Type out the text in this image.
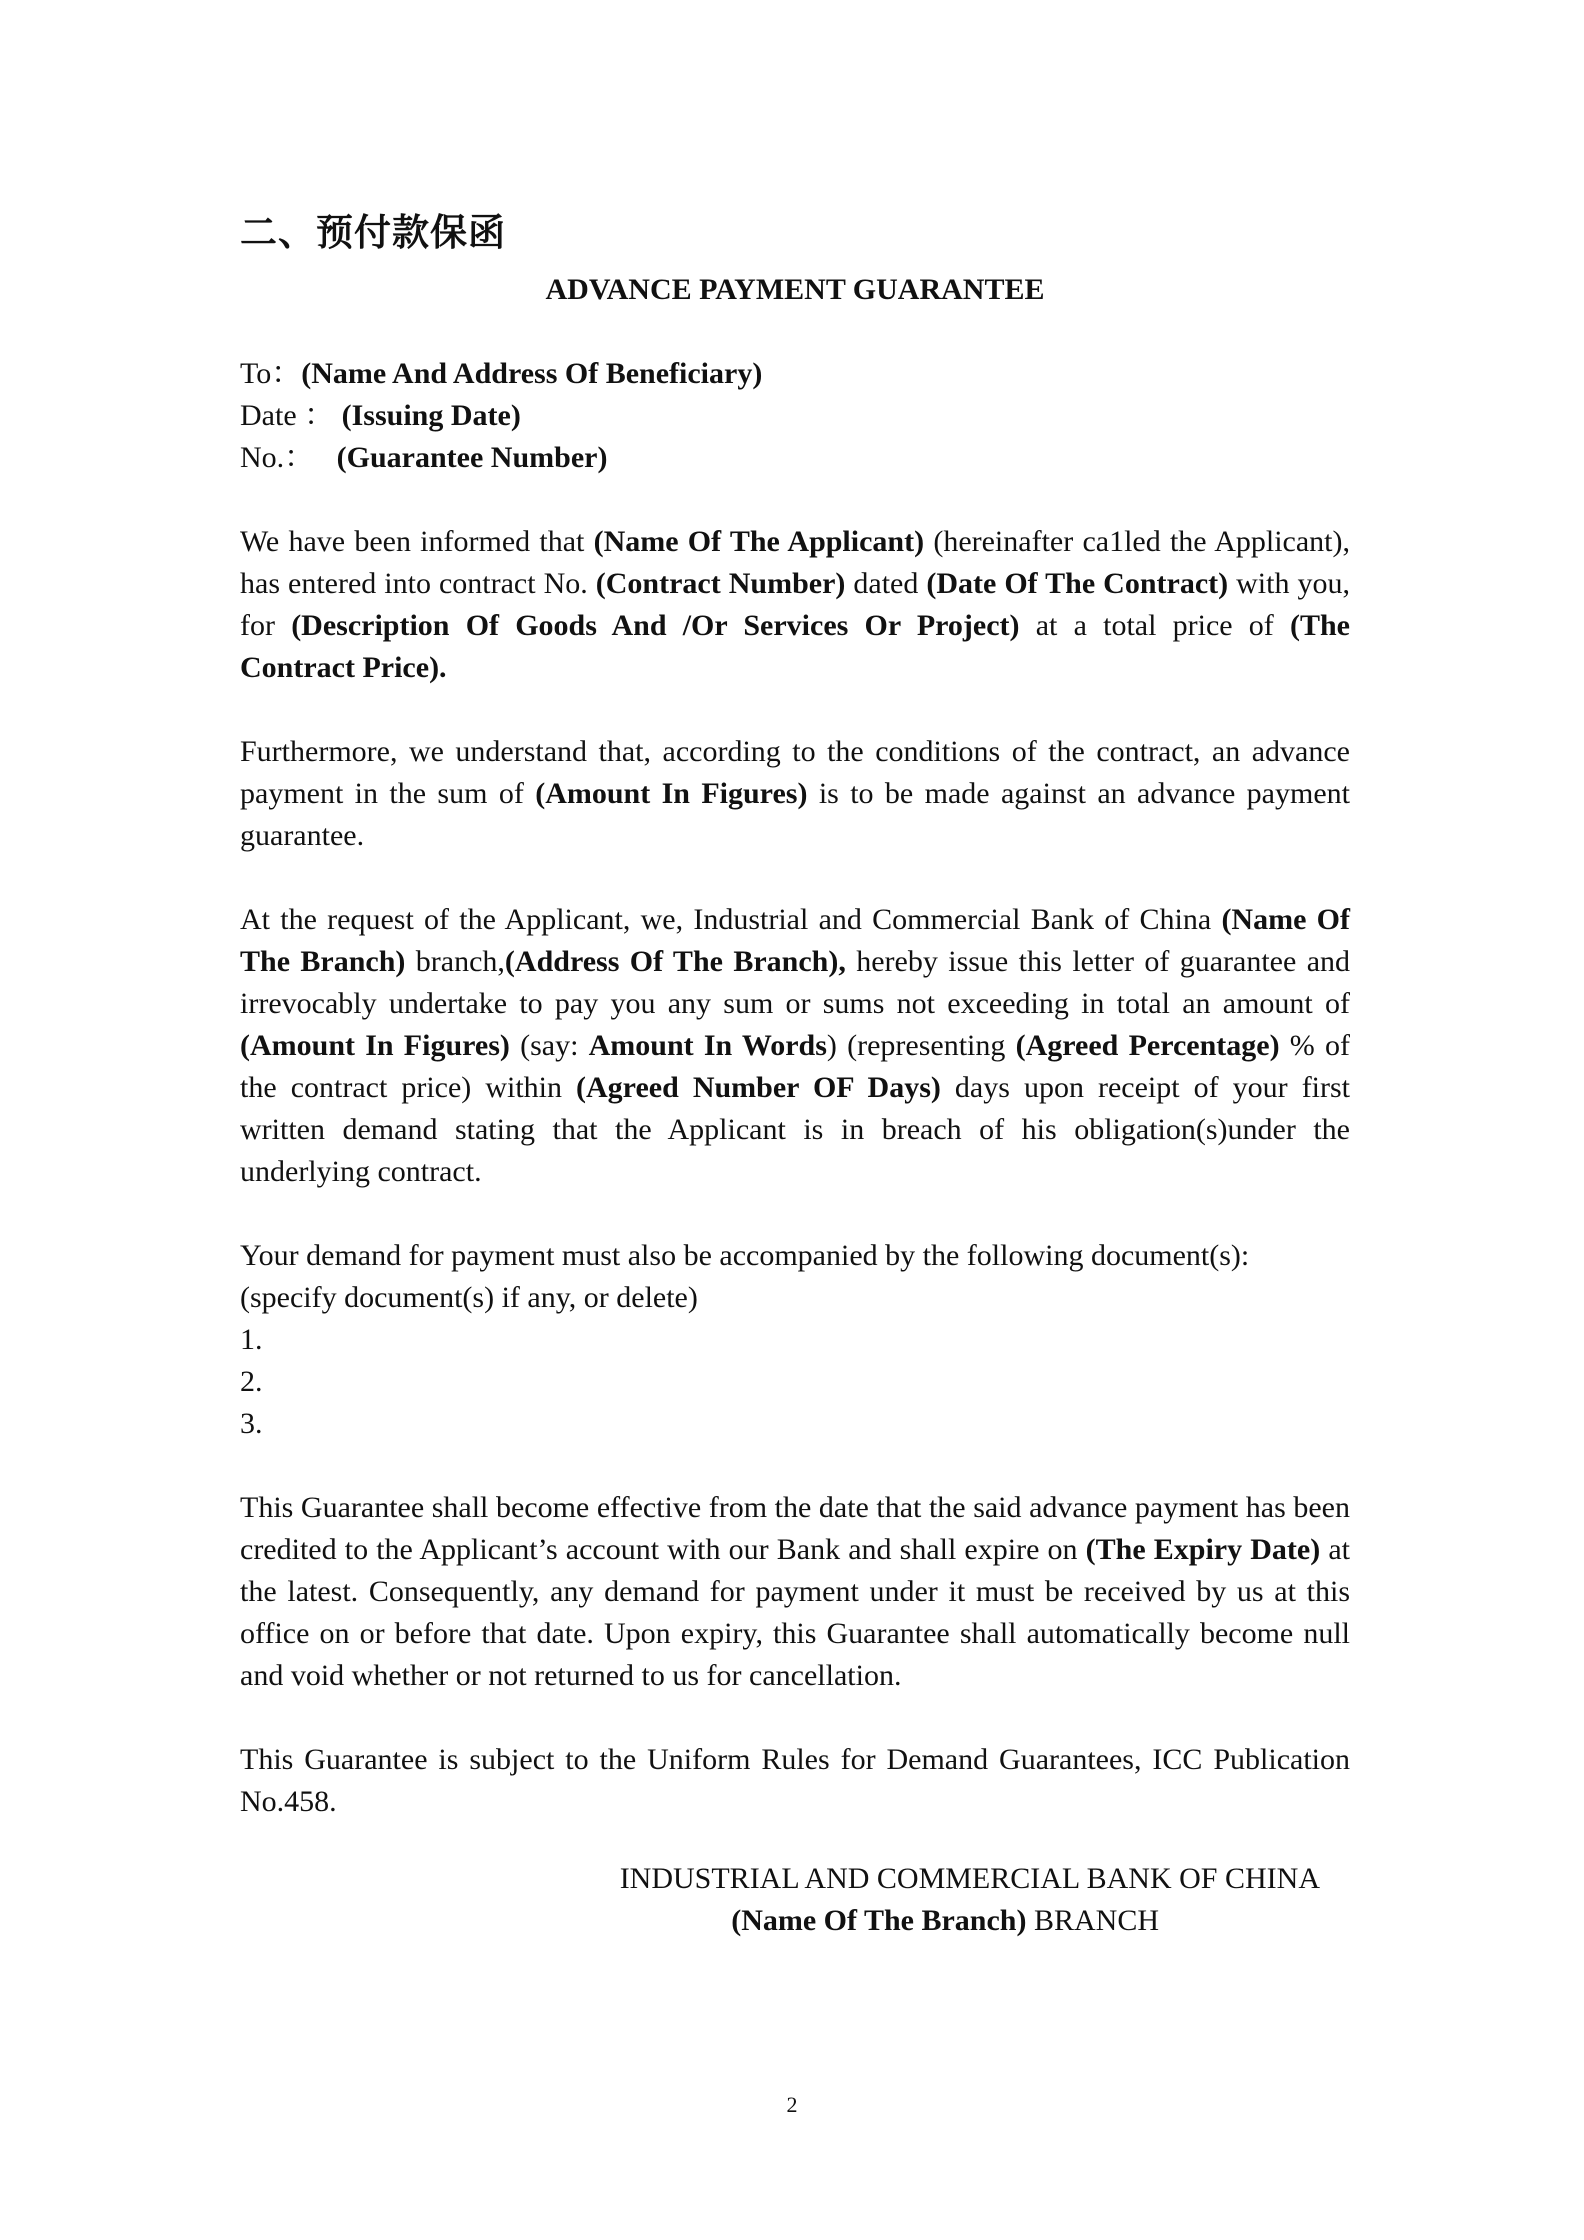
二、预付款保函
ADVANCE PAYMENT GUARANTEE
To：(Name And Address Of Beneficiary)
Date ： (Issuing Date)
No.： (Guarantee Number)

We have been informed that (Name Of The Applicant) (hereinafter ca1led the Applicant), has entered into contract No. (Contract Number) dated (Date Of The Contract) with you, for (Description Of Goods And /Or Services Or Project) at a total price of (The Contract Price).

Furthermore, we understand that, according to the conditions of the contract, an advance payment in the sum of (Amount In Figures) is to be made against an advance payment guarantee.

At the request of the Applicant, we, Industrial and Commercial Bank of China (Name Of The Branch) branch,(Address Of The Branch), hereby issue this letter of guarantee and irrevocably undertake to pay you any sum or sums not exceeding in total an amount of (Amount In Figures) (say: Amount In Words) (representing (Agreed Percentage) % of the contract price) within (Agreed Number OF Days) days upon receipt of your first written demand stating that the Applicant is in breach of his obligation(s)under the underlying contract.

Your demand for payment must also be accompanied by the following document(s):
(specify document(s) if any, or delete)
1.
2.
3.

This Guarantee shall become effective from the date that the said advance payment has been credited to the Applicant’s account with our Bank and shall expire on (The Expiry Date) at the latest. Consequently, any demand for payment under it must be received by us at this office on or before that date. Upon expiry, this Guarantee shall automatically become null and void whether or not returned to us for cancellation.

This Guarantee is subject to the Uniform Rules for Demand Guarantees, ICC Publication No.458.

INDUSTRIAL AND COMMERCIAL BANK OF CHINA
(Name Of The Branch) BRANCH
2
